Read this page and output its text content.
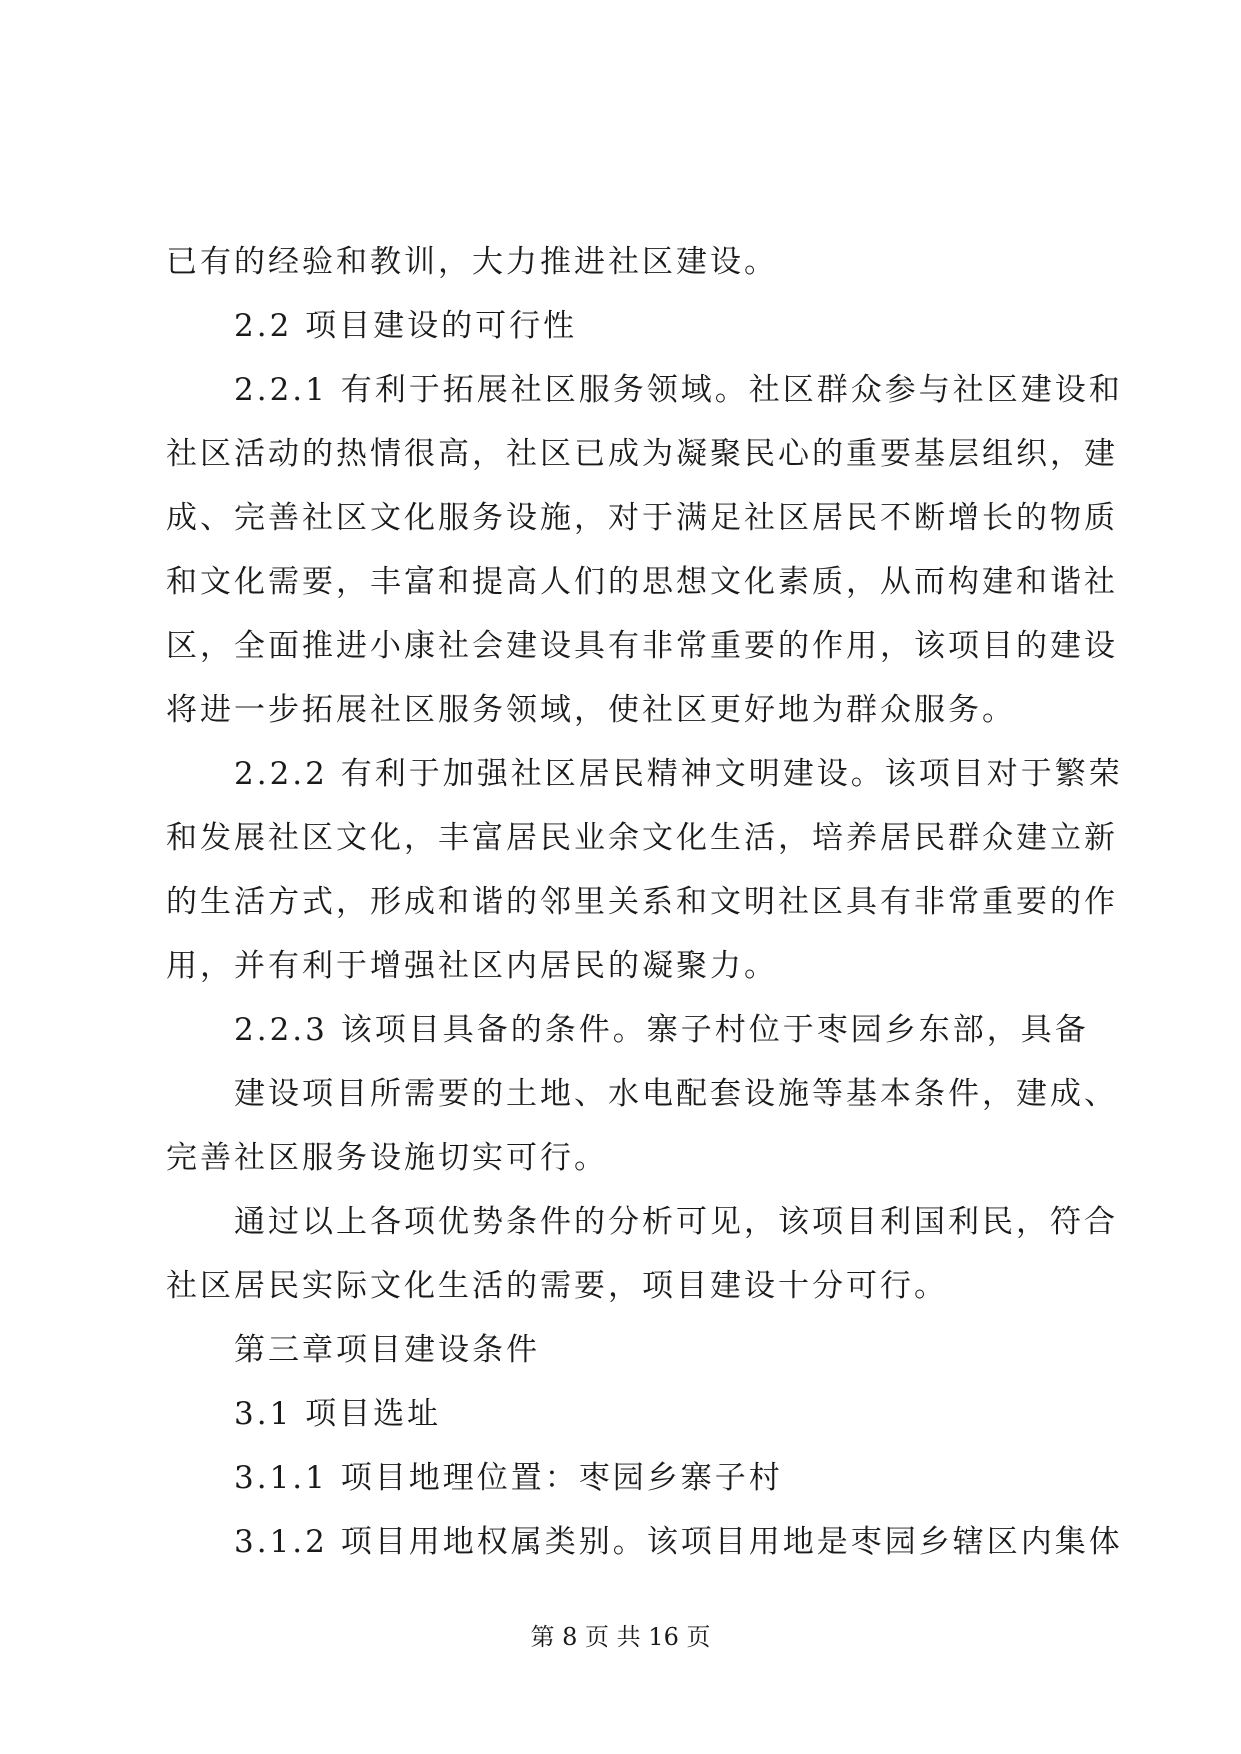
已有的经验和教训，大力推进社区建设。
2.2 项目建设的可行性
2.2.1 有利于拓展社区服务领域。社区群众参与社区建设和
社区活动的热情很高，社区已成为凝聚民心的重要基层组织，建
成、完善社区文化服务设施，对于满足社区居民不断增长的物质
和文化需要，丰富和提高人们的思想文化素质，从而构建和谐社
区，全面推进小康社会建设具有非常重要的作用，该项目的建设
将进一步拓展社区服务领域，使社区更好地为群众服务。
2.2.2 有利于加强社区居民精神文明建设。该项目对于繁荣
和发展社区文化，丰富居民业余文化生活，培养居民群众建立新
的生活方式，形成和谐的邻里关系和文明社区具有非常重要的作
用，并有利于增强社区内居民的凝聚力。
2.2.3 该项目具备的条件。寨子村位于枣园乡东部，具备
建设项目所需要的土地、水电配套设施等基本条件，建成、
完善社区服务设施切实可行。
通过以上各项优势条件的分析可见，该项目利国利民，符合
社区居民实际文化生活的需要，项目建设十分可行。
第三章项目建设条件
3.1 项目选址
3.1.1 项目地理位置：枣园乡寨子村
3.1.2 项目用地权属类别。该项目用地是枣园乡辖区内集体
第 8 页 共 16 页
